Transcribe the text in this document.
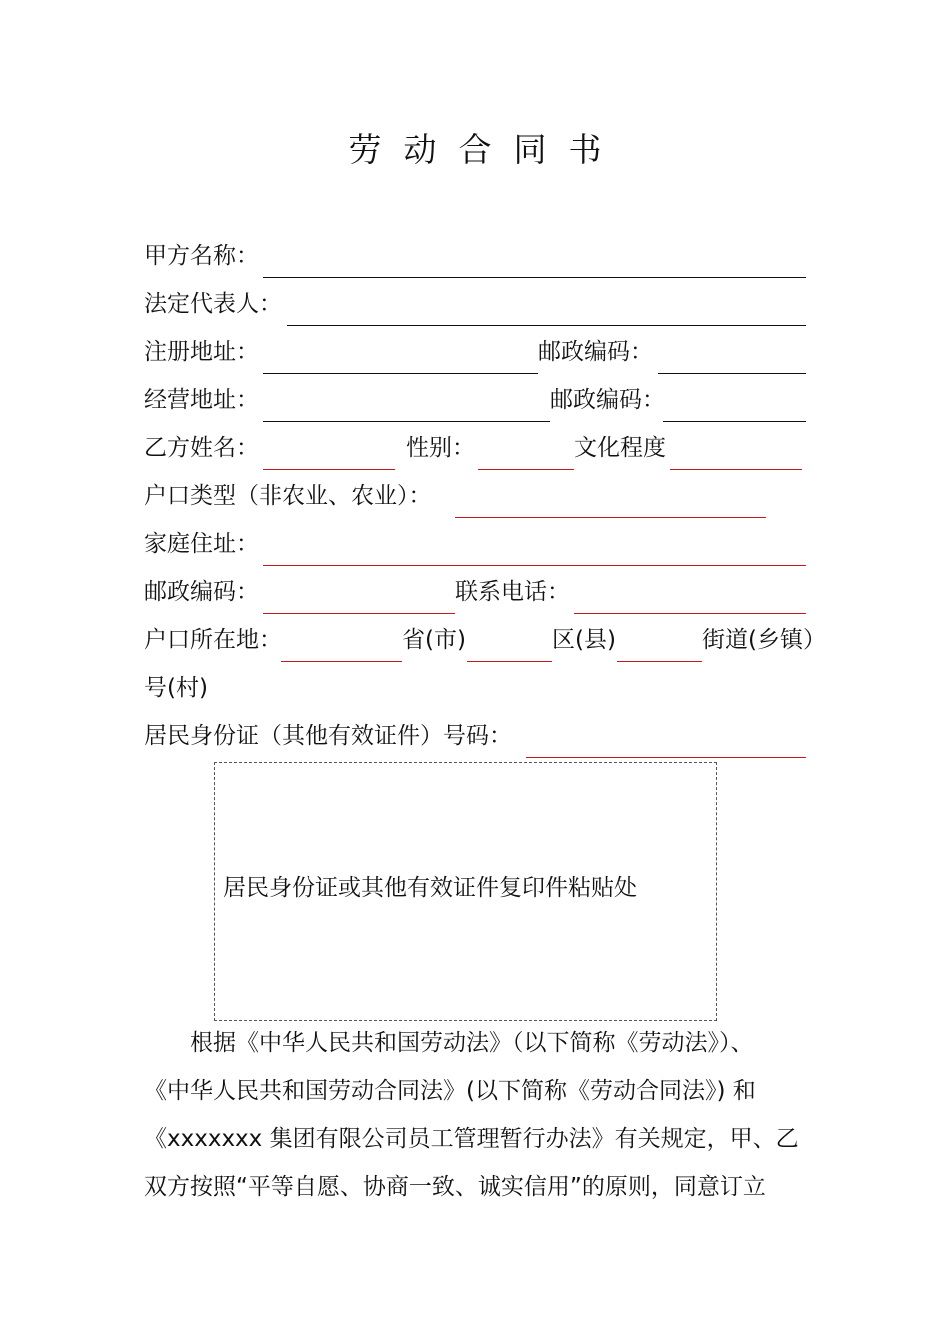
劳动合同书
甲方名称：
法定代表人：
注册地址：	邮政编码：
经营地址：	邮政编码：
乙方姓名：	性别：	文化程度
户口类型（非农业、农业）：
家庭住址：
邮政编码：	联系电话：
户口所在地：	省(市)	区(县)	街道(乡镇）
号(村)
居民身份证（其他有效证件）号码：
居民身份证或其他有效证件复印件粘贴处
根据《中华人民共和国劳动法》（以下简称《劳动法》）、
《中华人民共和国劳动合同法》(以下简称《劳动合同法》) 和
《xxxxxxx 集团有限公司员工管理暂行办法》有关规定，甲、乙
双方按照“平等自愿、协商一致、诚实信用”的原则，同意订立
